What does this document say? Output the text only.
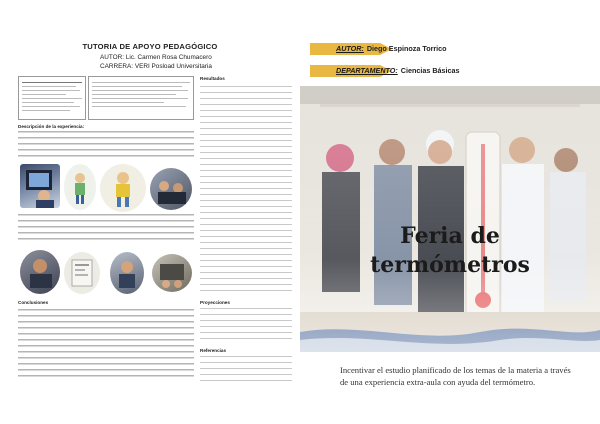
TUTORIA DE APOYO PEDAGÓGICO
AUTOR: Lic. Carmen Rosa Chumacero
CARRERA: VERI Posload Universitaria
Resultados
Descripción de la experiencia:
Conclusiones	Proyecciones
Referencias
AUTOR: Diego Espinoza Torrico
DEPARTAMENTO: Ciencias Básicas
Feria de
termómetros
Incentivar el estudio planificado de los temas de la materia a través de una experiencia extra-aula con ayuda del termómetro.
